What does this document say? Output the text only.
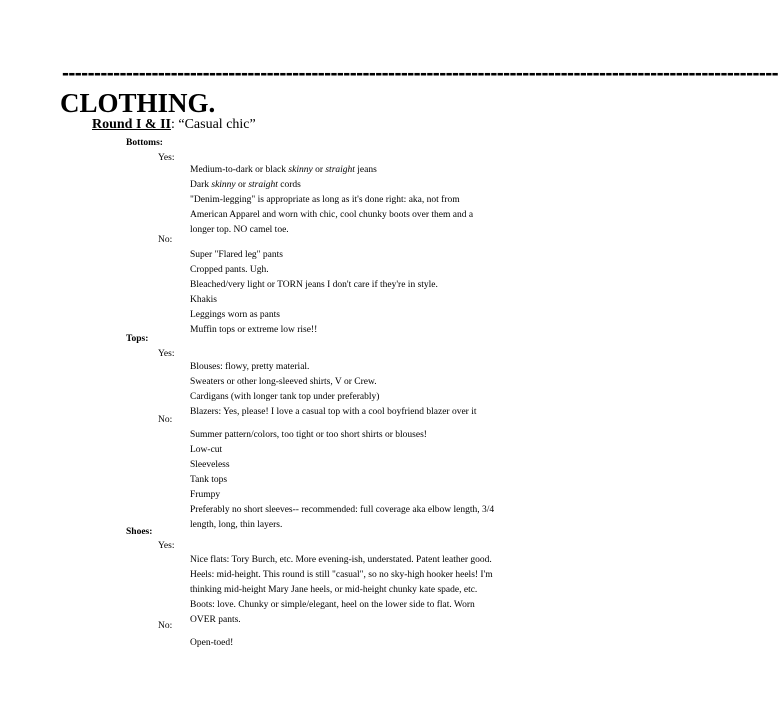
----------------------------------------------------------------------------------------------------------------
CLOTHING.
Round I & II: “Casual chic”
Bottoms:
Yes:
Medium-to-dark or black skinny or straight jeans
Dark skinny or straight cords
"Denim-legging" is appropriate as long as it's done right: aka, not from
American Apparel and worn with chic, cool chunky boots over them and a
longer top. NO camel toe.
No:
Super "Flared leg" pants
Cropped pants. Ugh.
Bleached/very light or TORN jeans I don't care if they're in style.
Khakis
Leggings worn as pants
Muffin tops or extreme low rise!!
Tops:
Yes:
Blouses: flowy, pretty material.
Sweaters or other long-sleeved shirts, V or Crew.
Cardigans (with longer tank top under preferably)
Blazers: Yes, please! I love a casual top with a cool boyfriend blazer over it
No:
Summer pattern/colors, too tight or too short shirts or blouses!
Low-cut
Sleeveless
Tank tops
Frumpy
Preferably no short sleeves-- recommended: full coverage aka elbow length, 3/4
length, long, thin layers.
Shoes:
Yes:
Nice flats: Tory Burch, etc. More evening-ish, understated. Patent leather good.
Heels: mid-height. This round is still "casual", so no sky-high hooker heels! I'm
thinking mid-height Mary Jane heels, or mid-height chunky kate spade, etc.
Boots: love. Chunky or simple/elegant, heel on the lower side to flat. Worn
OVER pants.
No:
Open-toed!
